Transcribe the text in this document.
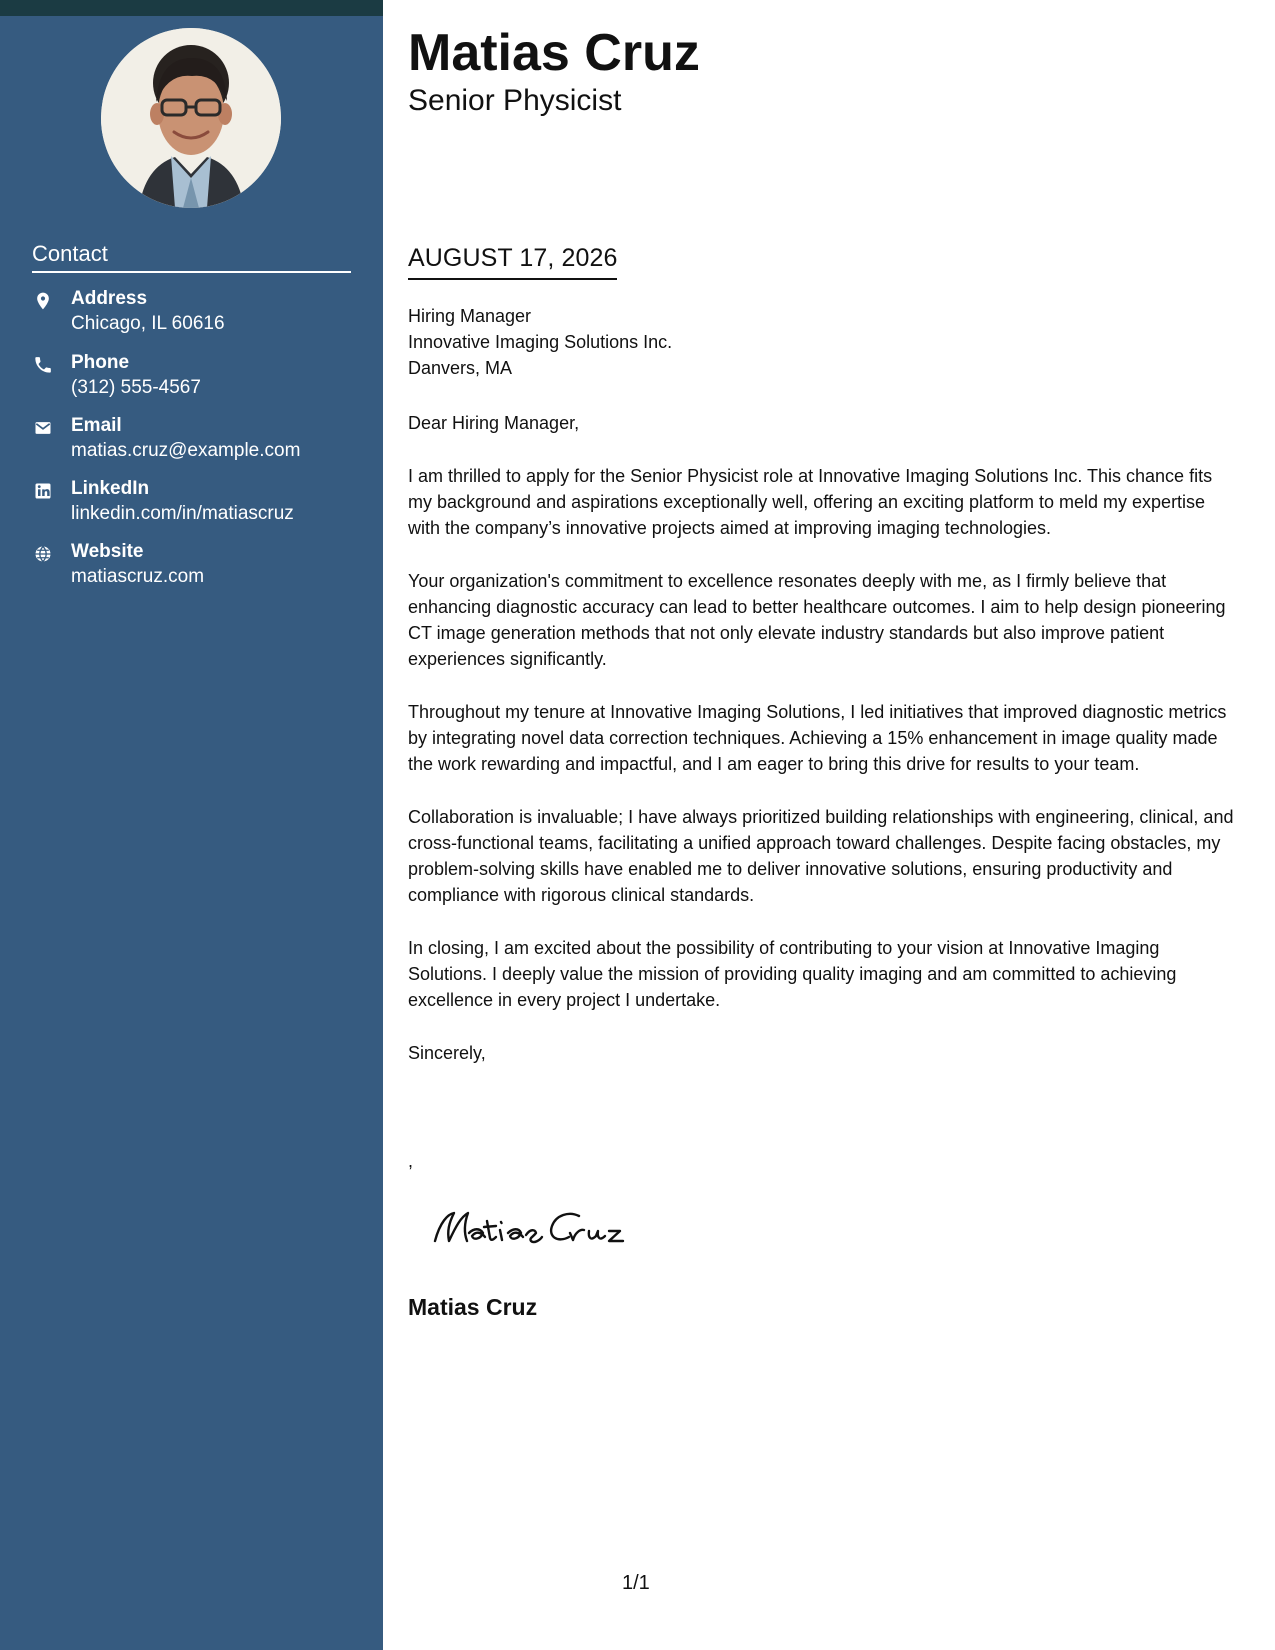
Contact
Address
Chicago, IL 60616
Phone
(312) 555-4567
Email
matias.cruz@example.com
LinkedIn
linkedin.com/in/matiascruz
Website
matiascruz.com
Matias Cruz
Senior Physicist
AUGUST 17, 2026

Hiring Manager

Innovative Imaging Solutions Inc.

Danvers, MA

Dear Hiring Manager,

I am thrilled to apply for the Senior Physicist role at Innovative Imaging Solutions Inc. This chance fits my background and aspirations exceptionally well, offering an exciting platform to meld my expertise with the company’s innovative projects aimed at improving imaging technologies.

Your organization's commitment to excellence resonates deeply with me, as I firmly believe that enhancing diagnostic accuracy can lead to better healthcare outcomes. I aim to help design pioneering CT image generation methods that not only elevate industry standards but also improve patient experiences significantly.

Throughout my tenure at Innovative Imaging Solutions, I led initiatives that improved diagnostic metrics by integrating novel data correction techniques. Achieving a 15% enhancement in image quality made the work rewarding and impactful, and I am eager to bring this drive for results to your team.

Collaboration is invaluable; I have always prioritized building relationships with engineering, clinical, and cross-functional teams, facilitating a unified approach toward challenges. Despite facing obstacles, my problem-solving skills have enabled me to deliver innovative solutions, ensuring productivity and compliance with rigorous clinical standards.

In closing, I am excited about the possibility of contributing to your vision at Innovative Imaging Solutions. I deeply value the mission of providing quality imaging and am committed to achieving excellence in every project I undertake.

Sincerely,

,
Matias Cruz
1/1
